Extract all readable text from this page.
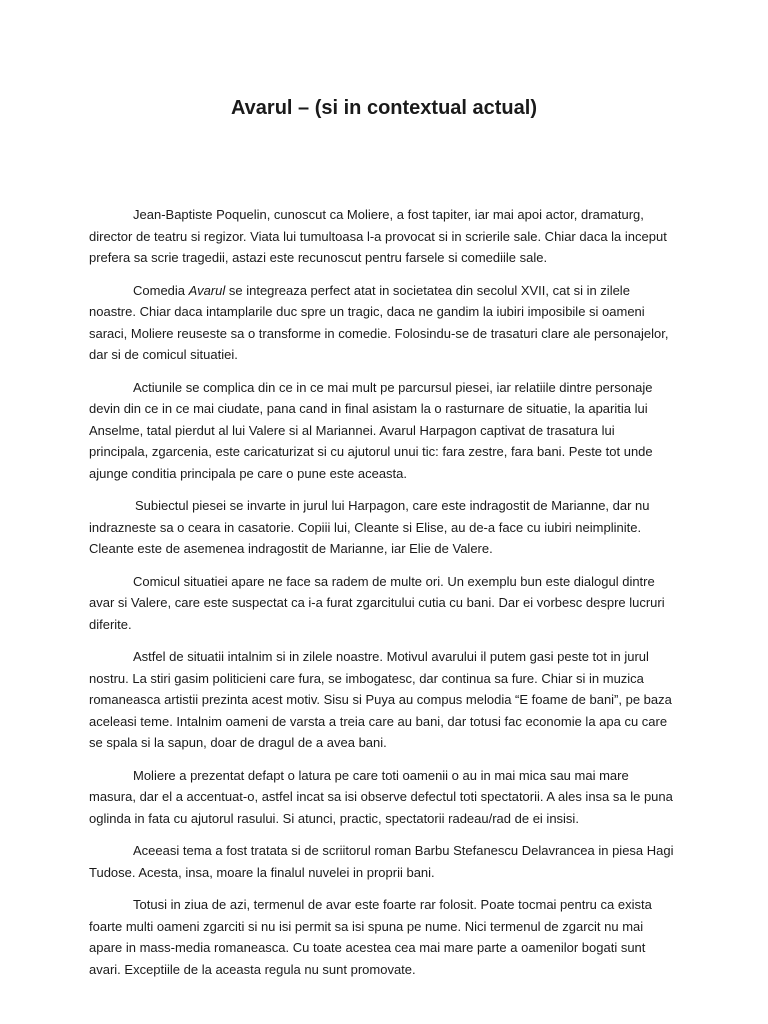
Avarul – (si in contextual actual)

Jean-Baptiste Poquelin, cunoscut ca Moliere, a fost tapiter, iar mai apoi actor, dramaturg, director de teatru si regizor. Viata lui tumultoasa l-a provocat si in scrierile sale. Chiar daca la inceput prefera sa scrie tragedii, astazi este recunoscut pentru farsele si comediile sale.

Comedia Avarul se integreaza perfect atat in societatea din secolul XVII, cat si in zilele noastre. Chiar daca intamplarile duc spre un tragic, daca ne gandim la iubiri imposibile si oameni saraci, Moliere reuseste sa o transforme in comedie. Folosindu-se de trasaturi clare ale personajelor, dar si de comicul situatiei.

Actiunile se complica din ce in ce mai mult pe parcursul piesei, iar relatiile dintre personaje devin din ce in ce mai ciudate, pana cand in final asistam la o rasturnare de situatie, la aparitia lui Anselme, tatal pierdut al lui Valere si al Mariannei. Avarul Harpagon captivat de trasatura lui principala, zgarcenia, este caricaturizat si cu ajutorul unui tic: fara zestre, fara bani. Peste tot unde ajunge conditia principala pe care o pune este aceasta.

Subiectul piesei se invarte in jurul lui Harpagon, care este indragostit de Marianne, dar nu indrazneste sa o ceara in casatorie. Copiii lui, Cleante si Elise, au de-a face cu iubiri neimplinite. Cleante este de asemenea indragostit de Marianne, iar Elie de Valere.

Comicul situatiei apare ne face sa radem de multe ori. Un exemplu bun este dialogul dintre avar si Valere, care este suspectat ca i-a furat zgarcitului cutia cu bani. Dar ei vorbesc despre lucruri diferite.

Astfel de situatii intalnim si in zilele noastre. Motivul avarului il putem gasi peste tot in jurul nostru. La stiri gasim politicieni care fura, se imbogatesc, dar continua sa fure. Chiar si in muzica romaneasca artistii prezinta acest motiv. Sisu si Puya au compus melodia “E foame de bani”, pe baza aceleasi teme. Intalnim oameni de varsta a treia care au bani, dar totusi fac economie la apa cu care se spala si la sapun, doar de dragul de a avea bani.

Moliere a prezentat defapt o latura pe care toti oamenii o au in mai mica sau mai mare masura, dar el a accentuat-o, astfel incat sa isi observe defectul toti spectatorii. A ales insa sa le puna oglinda in fata cu ajutorul rasului. Si atunci, practic, spectatorii radeau/rad de ei insisi.

Aceeasi tema a fost tratata si de scriitorul roman Barbu Stefanescu Delavrancea in piesa Hagi Tudose. Acesta, insa, moare la finalul nuvelei in proprii bani.

Totusi in ziua de azi, termenul de avar este foarte rar folosit. Poate tocmai pentru ca exista foarte multi oameni zgarciti si nu isi permit sa isi spuna pe nume. Nici termenul de zgarcit nu mai apare in mass-media romaneasca. Cu toate acestea cea mai mare parte a oamenilor bogati sunt avari. Exceptiile de la aceasta regula nu sunt promovate.
